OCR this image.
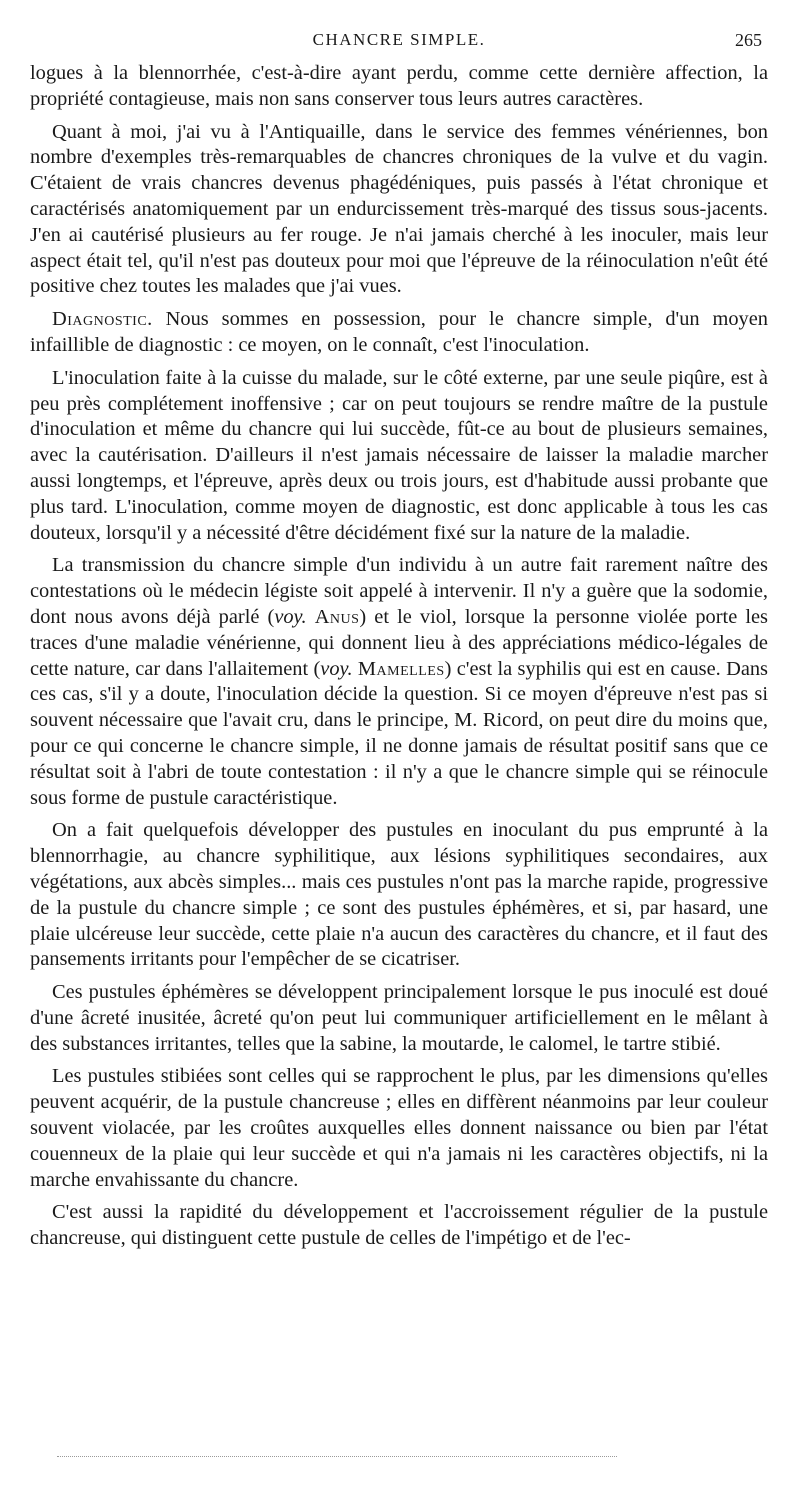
CHANCRE SIMPLE.	265

logues à la blennorrhée, c'est-à-dire ayant perdu, comme cette dernière affection, la propriété contagieuse, mais non sans conserver tous leurs autres caractères.

Quant à moi, j'ai vu à l'Antiquaille, dans le service des femmes vénériennes, bon nombre d'exemples très-remarquables de chancres chroniques de la vulve et du vagin. C'étaient de vrais chancres devenus phagédéniques, puis passés à l'état chronique et caractérisés anatomiquement par un endurcissement très-marqué des tissus sous-jacents. J'en ai cautérisé plusieurs au fer rouge. Je n'ai jamais cherché à les inoculer, mais leur aspect était tel, qu'il n'est pas douteux pour moi que l'épreuve de la réinoculation n'eût été positive chez toutes les malades que j'ai vues.

Diagnostic. Nous sommes en possession, pour le chancre simple, d'un moyen infaillible de diagnostic : ce moyen, on le connaît, c'est l'inoculation.

L'inoculation faite à la cuisse du malade, sur le côté externe, par une seule piqûre, est à peu près complétement inoffensive ; car on peut toujours se rendre maître de la pustule d'inoculation et même du chancre qui lui succède, fût-ce au bout de plusieurs semaines, avec la cautérisation. D'ailleurs il n'est jamais nécessaire de laisser la maladie marcher aussi longtemps, et l'épreuve, après deux ou trois jours, est d'habitude aussi probante que plus tard. L'inoculation, comme moyen de diagnostic, est donc applicable à tous les cas douteux, lorsqu'il y a nécessité d'être décidément fixé sur la nature de la maladie.

La transmission du chancre simple d'un individu à un autre fait rarement naître des contestations où le médecin légiste soit appelé à intervenir. Il n'y a guère que la sodomie, dont nous avons déjà parlé (voy. Anus) et le viol, lorsque la personne violée porte les traces d'une maladie vénérienne, qui donnent lieu à des appréciations médico-légales de cette nature, car dans l'allaitement (voy. Mamelles) c'est la syphilis qui est en cause. Dans ces cas, s'il y a doute, l'inoculation décide la question. Si ce moyen d'épreuve n'est pas si souvent nécessaire que l'avait cru, dans le principe, M. Ricord, on peut dire du moins que, pour ce qui concerne le chancre simple, il ne donne jamais de résultat positif sans que ce résultat soit à l'abri de toute contestation : il n'y a que le chancre simple qui se réinocule sous forme de pustule caractéristique.

On a fait quelquefois développer des pustules en inoculant du pus emprunté à la blennorrhagie, au chancre syphilitique, aux lésions syphilitiques secondaires, aux végétations, aux abcès simples... mais ces pustules n'ont pas la marche rapide, progressive de la pustule du chancre simple ; ce sont des pustules éphémères, et si, par hasard, une plaie ulcéreuse leur succède, cette plaie n'a aucun des caractères du chancre, et il faut des pansements irritants pour l'empêcher de se cicatriser.

Ces pustules éphémères se développent principalement lorsque le pus inoculé est doué d'une âcreté inusitée, âcreté qu'on peut lui communiquer artificiellement en le mêlant à des substances irritantes, telles que la sabine, la moutarde, le calomel, le tartre stibié.

Les pustules stibiées sont celles qui se rapprochent le plus, par les dimensions qu'elles peuvent acquérir, de la pustule chancreuse ; elles en diffèrent néanmoins par leur couleur souvent violacée, par les croûtes auxquelles elles donnent naissance ou bien par l'état couenneux de la plaie qui leur succède et qui n'a jamais ni les caractères objectifs, ni la marche envahissante du chancre.

C'est aussi la rapidité du développement et l'accroissement régulier de la pustule chancreuse, qui distinguent cette pustule de celles de l'impétigo et de l'ec-
